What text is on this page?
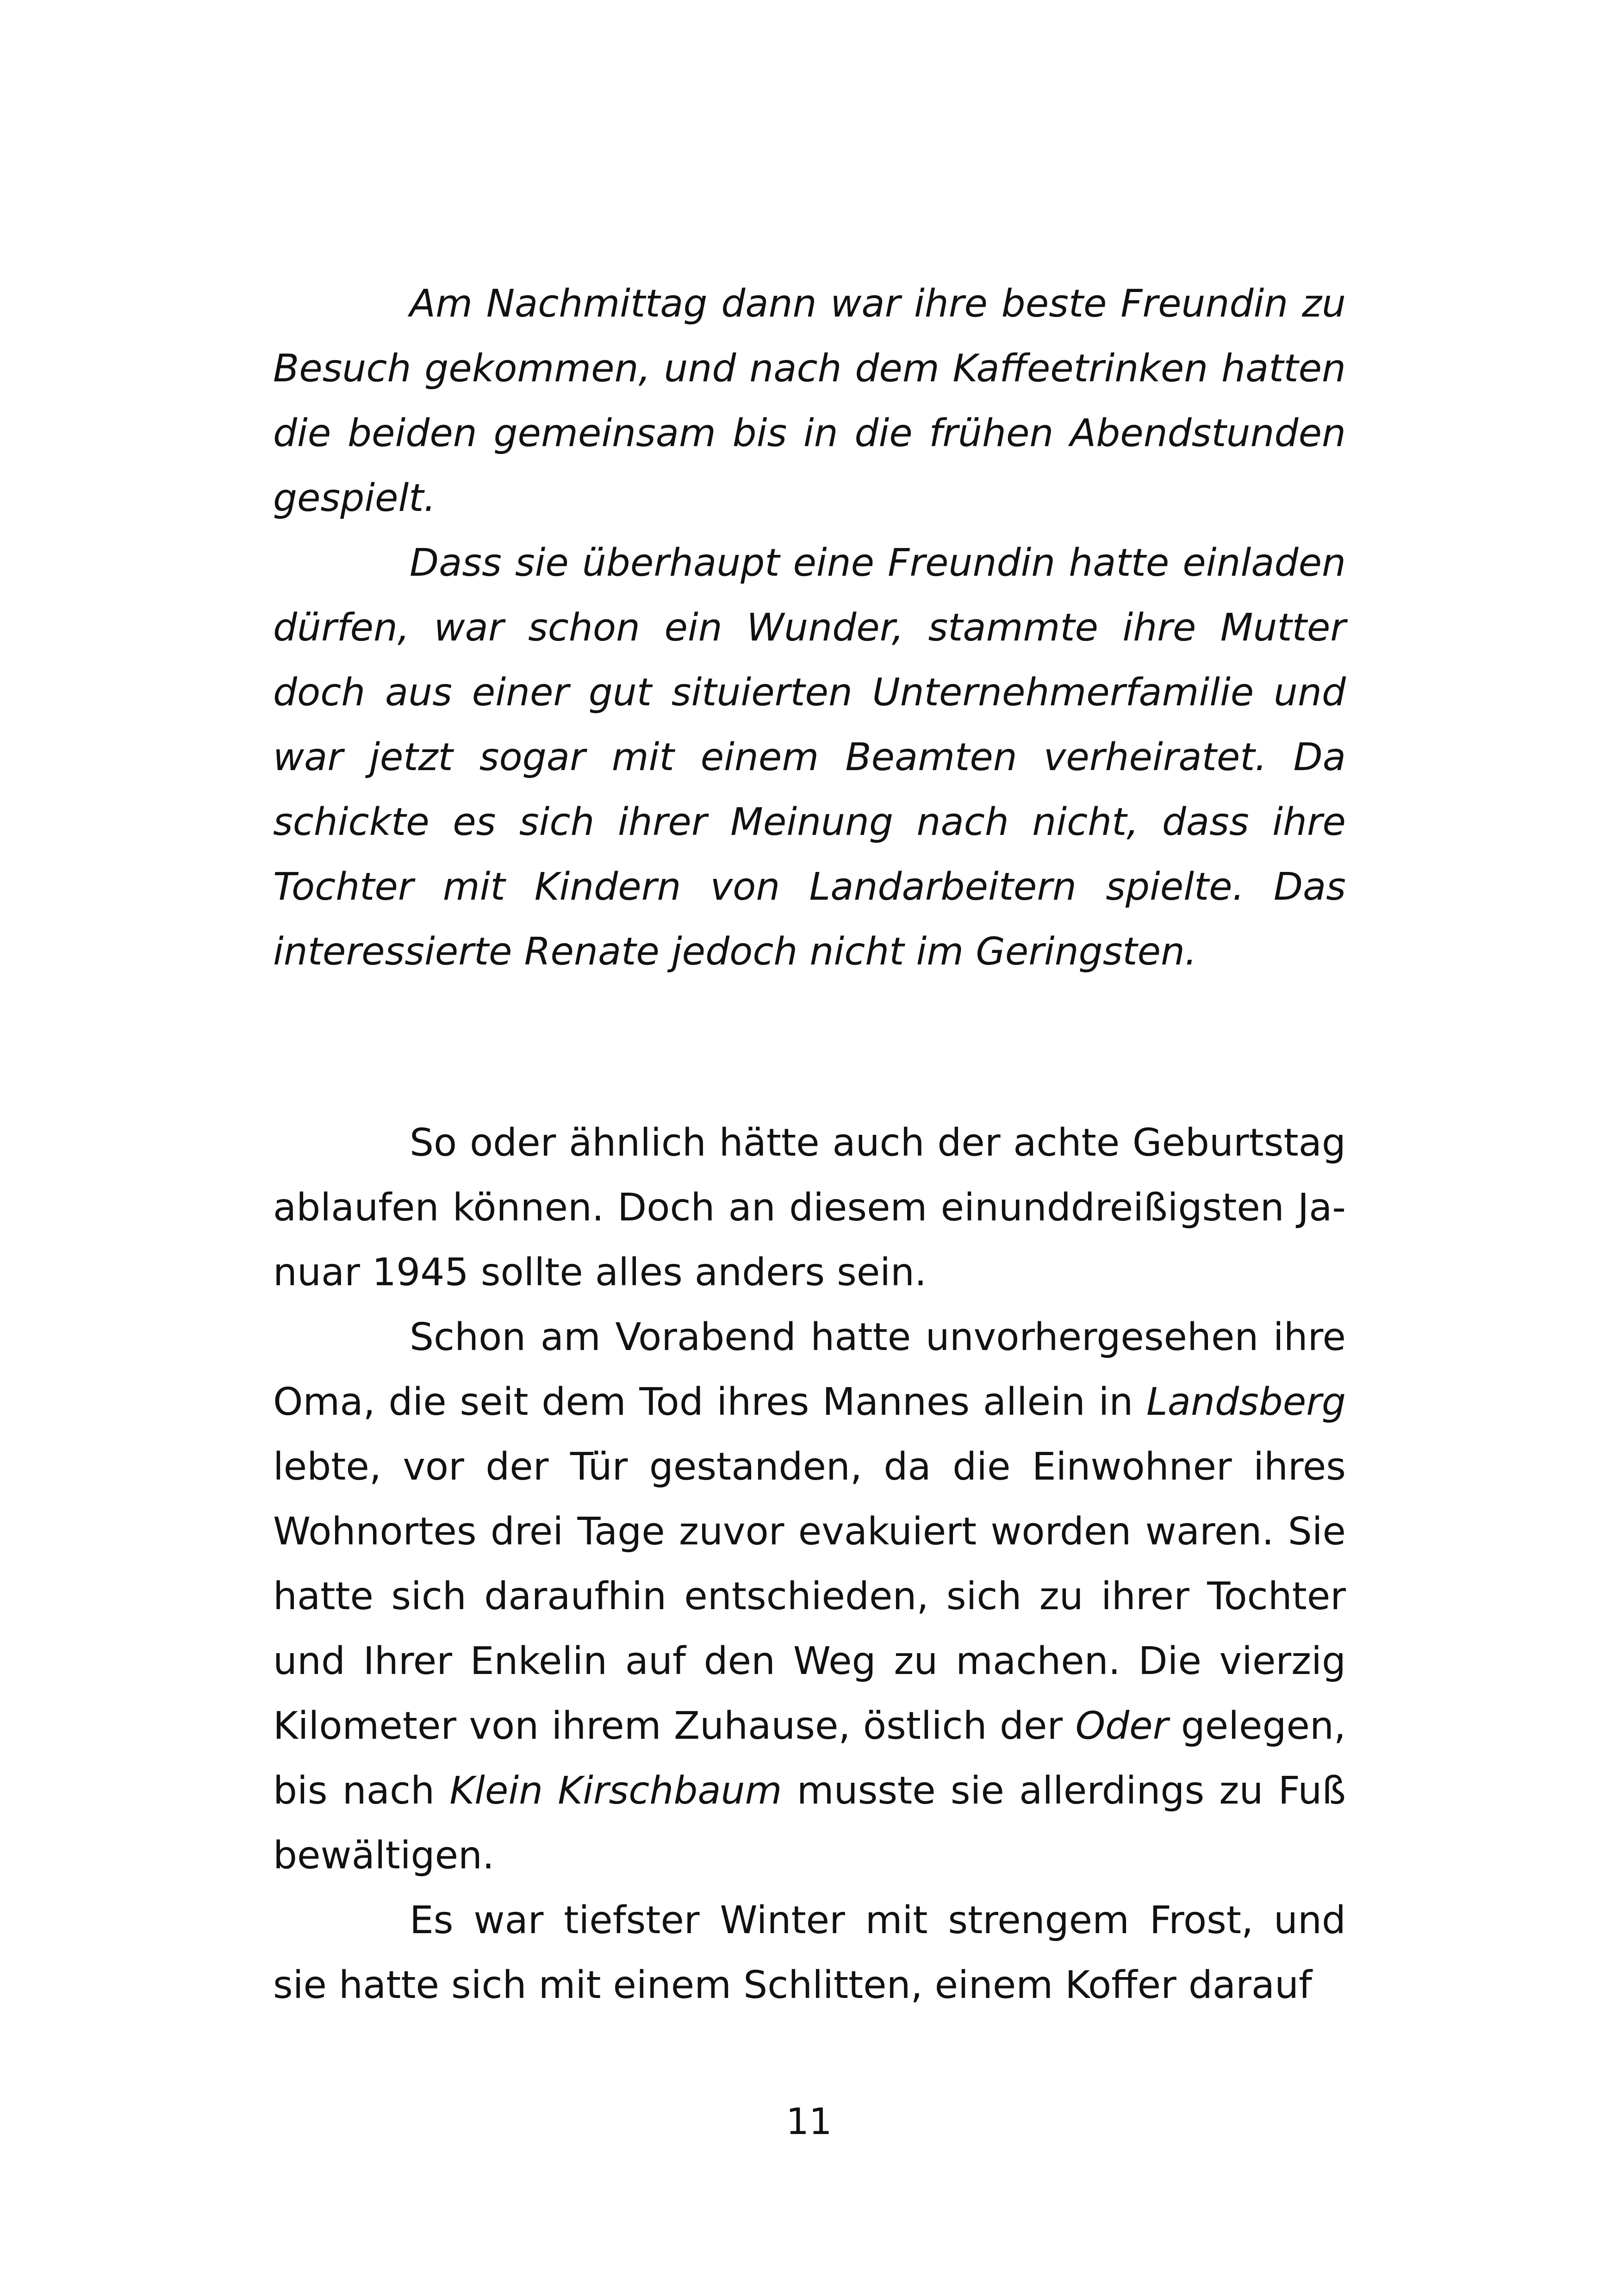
Am Nachmittag dann war ihre beste Freundin zu Besuch gekommen, und nach dem Kaffeetrinken hatten die beiden gemeinsam bis in die frühen Abendstunden gespielt.

Dass sie überhaupt eine Freundin hatte einladen dürfen, war schon ein Wunder, stammte ihre Mutter doch aus einer gut situierten Unternehmerfamilie und war jetzt sogar mit einem Beamten verheiratet. Da schickte es sich ihrer Meinung nach nicht, dass ihre Tochter mit Kindern von Landarbeitern spielte. Das interessierte Renate jedoch nicht im Geringsten.

So oder ähnlich hätte auch der achte Geburtstag ablaufen können. Doch an diesem einunddreißigsten Januar 1945 sollte alles anders sein.

Schon am Vorabend hatte unvorhergesehen ihre Oma, die seit dem Tod ihres Mannes allein in Landsberg lebte, vor der Tür gestanden, da die Einwohner ihres Wohnortes drei Tage zuvor evakuiert worden waren. Sie hatte sich daraufhin entschieden, sich zu ihrer Tochter und Ihrer Enkelin auf den Weg zu machen. Die vierzig Kilometer von ihrem Zuhause, östlich der Oder gelegen, bis nach Klein Kirschbaum musste sie allerdings zu Fuß bewältigen.

Es war tiefster Winter mit strengem Frost, und sie hatte sich mit einem Schlitten, einem Koffer darauf

11
